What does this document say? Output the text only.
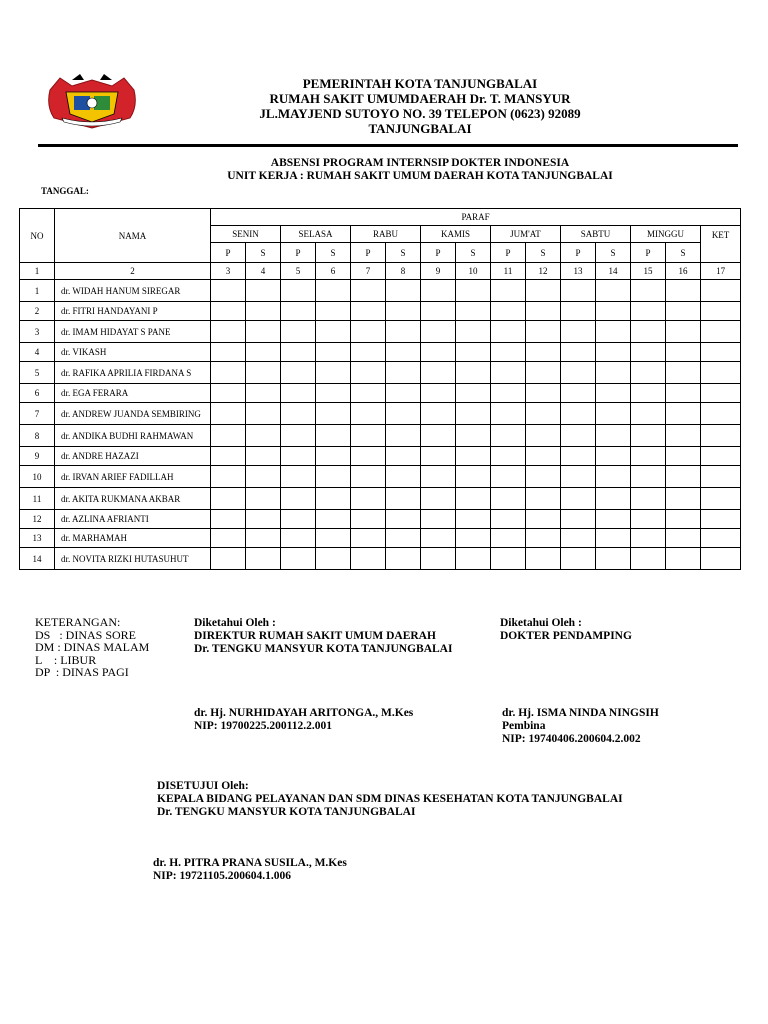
PEMERINTAH KOTA TANJUNGBALAI
RUMAH SAKIT UMUMDAERAH Dr. T. MANSYUR
JL.MAYJEND SUTOYO NO. 39 TELEPON (0623) 92089
TANJUNGBALAI
ABSENSI PROGRAM INTERNSIP DOKTER INDONESIA
UNIT KERJA : RUMAH SAKIT UMUM DAERAH KOTA TANJUNGBALAI
TANGGAL:
NO	NAMA	PARAF														
		SENIN		SELASA		RABU		KAMIS		JUM'AT		SABTU		MINGGU		KET
		P	S	P	S	P	S	P	S	P	S	P	S	P	S	
1	2	3	4	5	6	7	8	9	10	11	12	13	14	15	16	17
1	dr. WIDAH HANUM SIREGAR															
2	dr. FITRI HANDAYANI P															
3	dr. IMAM HIDAYAT S PANE															
4	dr. VIKASH															
5	dr. RAFIKA APRILIA FIRDANA S															
6	dr. EGA FERARA															
7	dr. ANDREW JUANDA SEMBIRING															
8	dr. ANDIKA BUDHI RAHMAWAN															
9	dr. ANDRE HAZAZI															
10	dr. IRVAN ARIEF FADILLAH															
11	dr. AKITA RUKMANA AKBAR															
12	dr. AZLINA AFRIANTI															
13	dr. MARHAMAH															
14	dr. NOVITA RIZKI HUTASUHUT															
KETERANGAN:
DS   : DINAS SORE
DM : DINAS MALAM
L    : LIBUR
DP  : DINAS PAGI
Diketahui Oleh :
DIREKTUR RUMAH SAKIT UMUM DAERAH
Dr. TENGKU MANSYUR KOTA TANJUNGBALAI
dr. Hj. NURHIDAYAH ARITONGA., M.Kes
NIP: 19700225.200112.2.001
Diketahui Oleh :
DOKTER PENDAMPING
dr. Hj. ISMA NINDA NINGSIH
Pembina
NIP: 19740406.200604.2.002
DISETUJUI Oleh:
KEPALA BIDANG PELAYANAN DAN SDM DINAS KESEHATAN KOTA TANJUNGBALAI
Dr. TENGKU MANSYUR KOTA TANJUNGBALAI
dr. H. PITRA PRANA SUSILA., M.Kes
NIP: 19721105.200604.1.006
